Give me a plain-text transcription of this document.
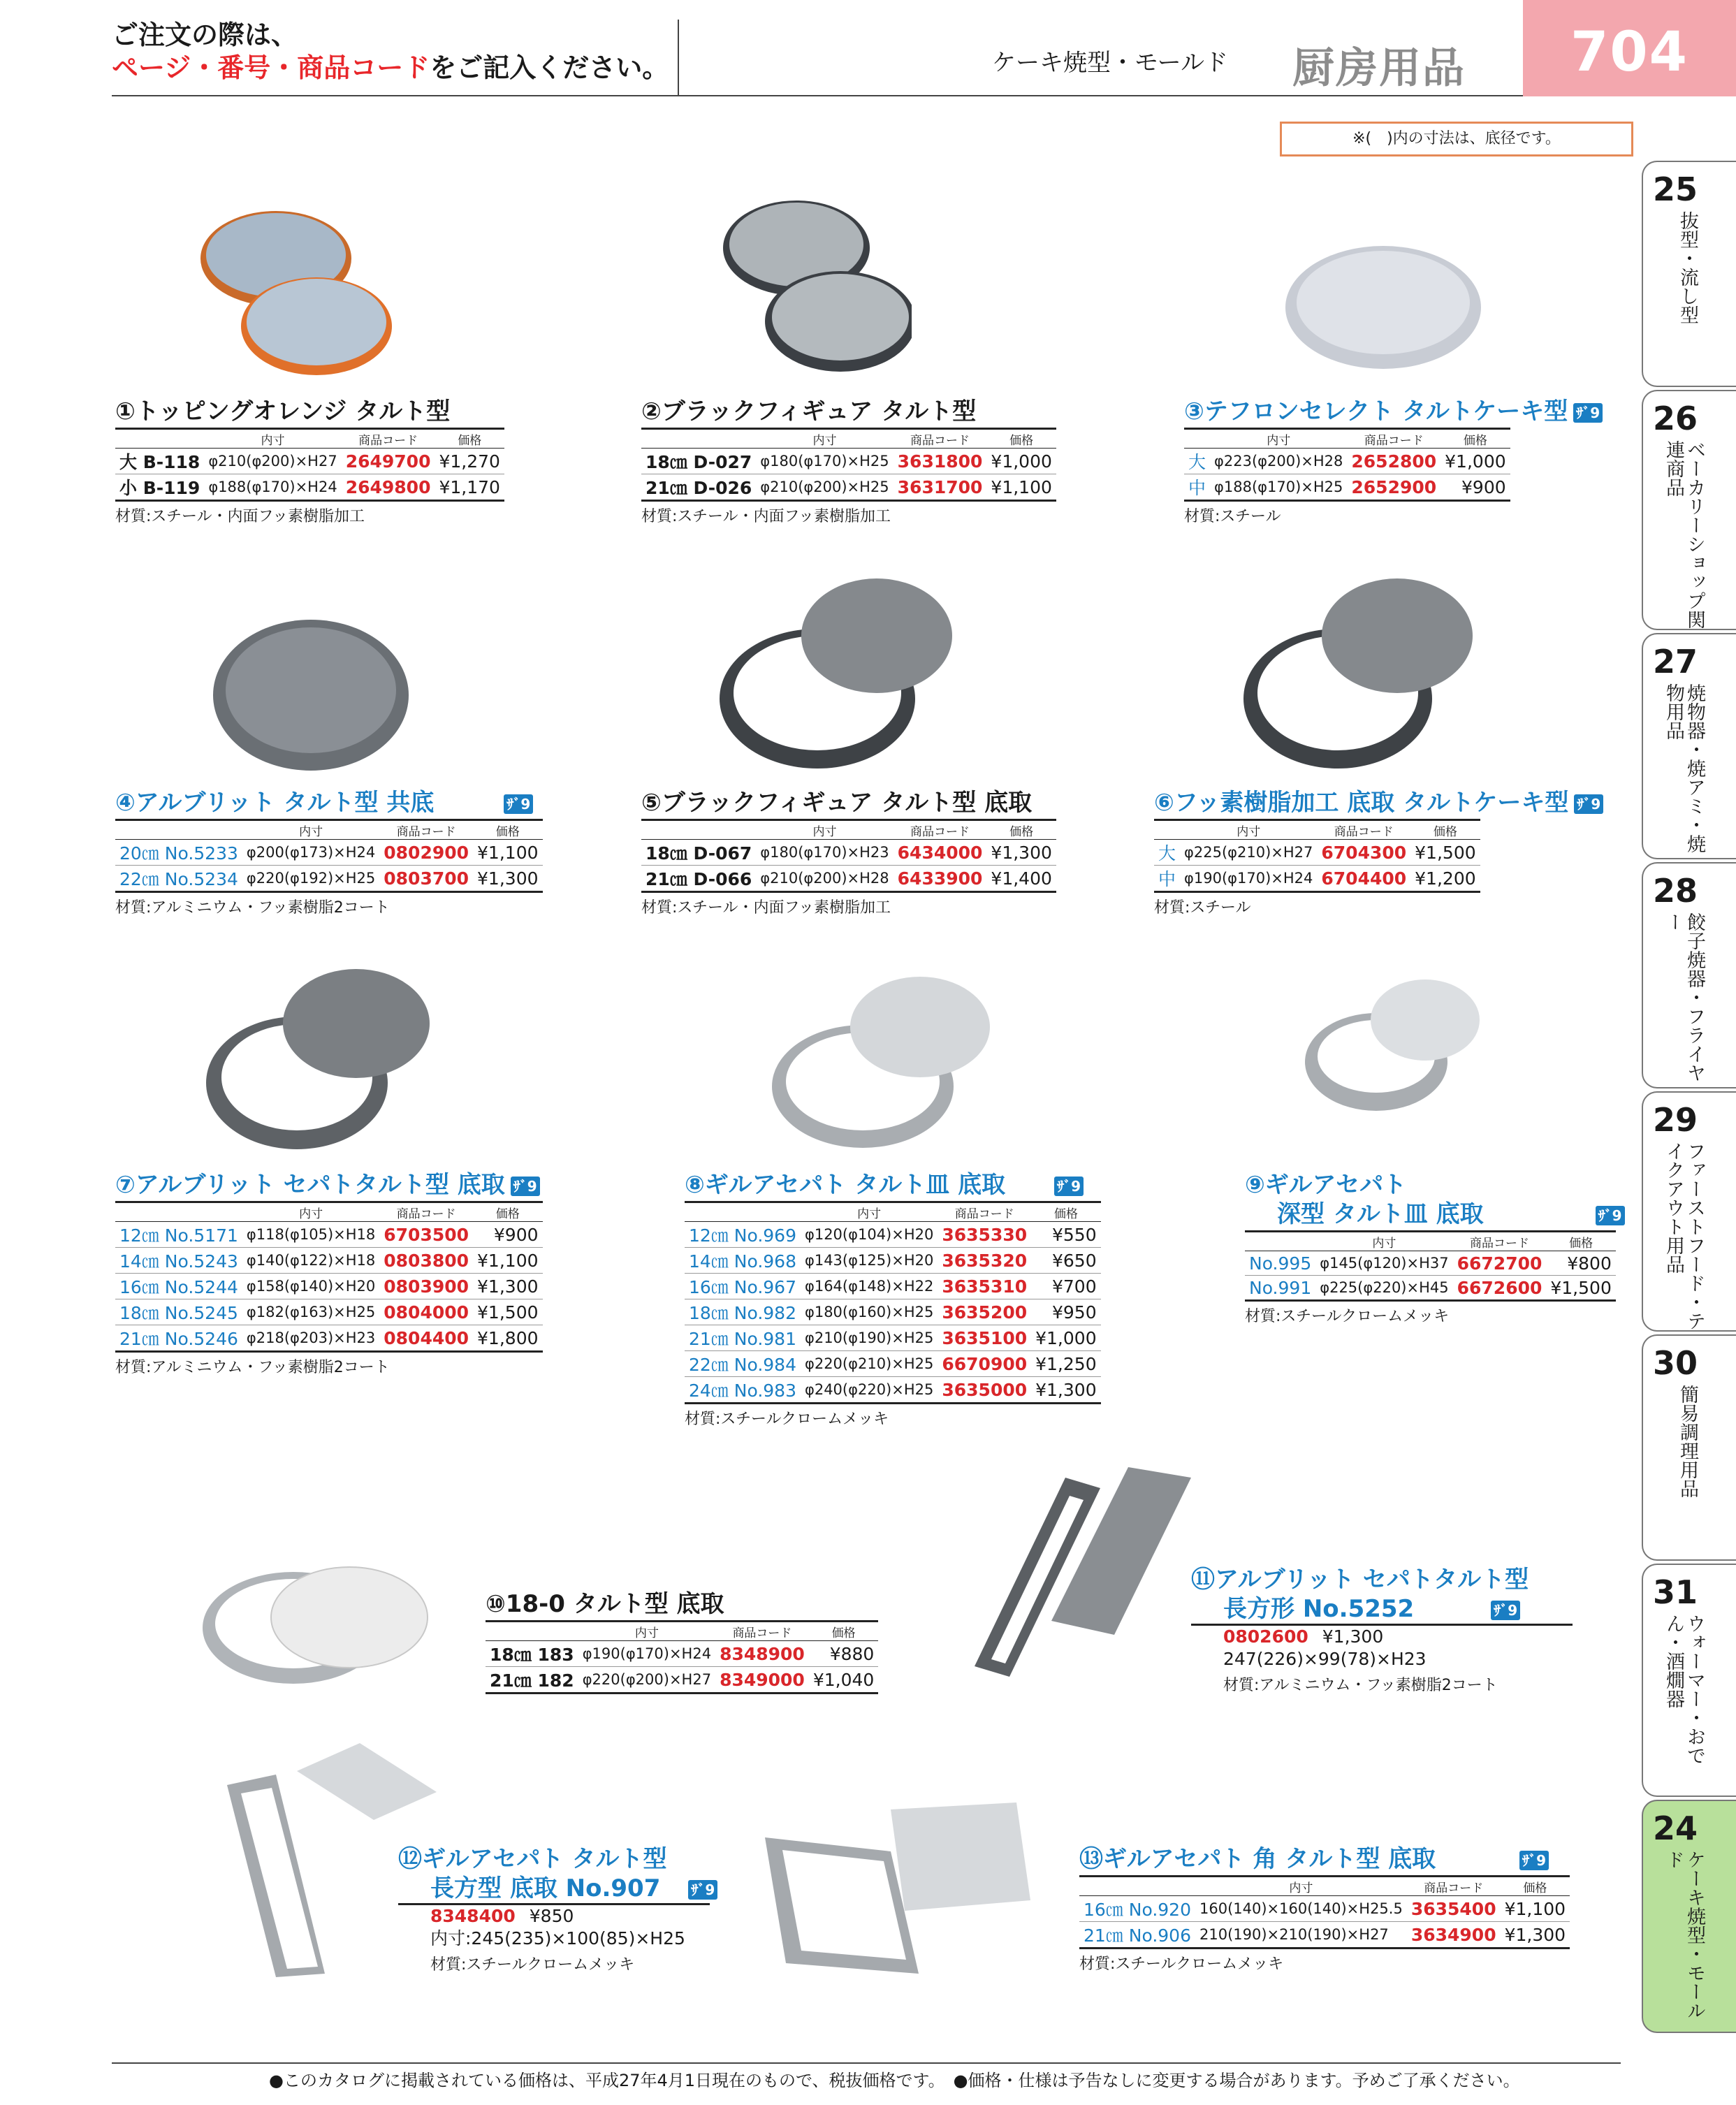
ご注文の際は、
ページ・番号・商品コードをご記入ください。	ケーキ焼型・モールド 厨房用品	704
※(　)内の寸法は、底径です。
①トッピングオレンジ タルト型
	内寸	商品コード	価格
大 B-118	φ210(φ200)×H27	2649700	¥1,270
小 B-119	φ188(φ170)×H24	2649800	¥1,170
材質:スチール・内面フッ素樹脂加工
②ブラックフィギュア タルト型
	内寸	商品コード	価格
18㎝ D-027	φ180(φ170)×H25	3631800	¥1,000
21㎝ D-026	φ210(φ200)×H25	3631700	¥1,100
材質:スチール・内面フッ素樹脂加工
③テフロンセレクト タルトケーキ型 ｻﾞ9
	内寸	商品コード	価格
大	φ223(φ200)×H28	2652800	¥1,000
中	φ188(φ170)×H25	2652900	¥900
材質:スチール
④アルブリット タルト型 共底	ｻﾞ9
	内寸	商品コード	価格
20㎝ No.5233	φ200(φ173)×H24	0802900	¥1,100
22㎝ No.5234	φ220(φ192)×H25	0803700	¥1,300
材質:アルミニウム・フッ素樹脂2コート
⑤ブラックフィギュア タルト型 底取
	内寸	商品コード	価格
18㎝ D-067	φ180(φ170)×H23	6434000	¥1,300
21㎝ D-066	φ210(φ200)×H28	6433900	¥1,400
材質:スチール・内面フッ素樹脂加工
⑥フッ素樹脂加工 底取 タルトケーキ型 ｻﾞ9
	内寸	商品コード	価格
大	φ225(φ210)×H27	6704300	¥1,500
中	φ190(φ170)×H24	6704400	¥1,200
材質:スチール
⑦アルブリット セパトタルト型 底取 ｻﾞ9
	内寸	商品コード	価格
12㎝ No.5171	φ118(φ105)×H18	6703500	¥900
14㎝ No.5243	φ140(φ122)×H18	0803800	¥1,100
16㎝ No.5244	φ158(φ140)×H20	0803900	¥1,300
18㎝ No.5245	φ182(φ163)×H25	0804000	¥1,500
21㎝ No.5246	φ218(φ203)×H23	0804400	¥1,800
材質:アルミニウム・フッ素樹脂2コート
⑧ギルアセパト タルト皿 底取	ｻﾞ9
	内寸	商品コード	価格
12㎝ No.969	φ120(φ104)×H20	3635330	¥550
14㎝ No.968	φ143(φ125)×H20	3635320	¥650
16㎝ No.967	φ164(φ148)×H22	3635310	¥700
18㎝ No.982	φ180(φ160)×H25	3635200	¥950
21㎝ No.981	φ210(φ190)×H25	3635100	¥1,000
22㎝ No.984	φ220(φ210)×H25	6670900	¥1,250
24㎝ No.983	φ240(φ220)×H25	3635000	¥1,300
材質:スチールクロームメッキ
⑨ギルアセパト
深型 タルト皿 底取	ｻﾞ9
	内寸	商品コード	価格
No.995	φ145(φ120)×H37	6672700	¥800
No.991	φ225(φ220)×H45	6672600	¥1,500
材質:スチールクロームメッキ
⑩18-0 タルト型 底取
	内寸	商品コード	価格
18㎝ 183	φ190(φ170)×H24	8348900	¥880
21㎝ 182	φ220(φ200)×H27	8349000	¥1,040
⑪アルブリット セパトタルト型
長方形 No.5252	ｻﾞ9
0802600 ¥1,300
247(226)×99(78)×H23
材質:アルミニウム・フッ素樹脂2コート
⑫ギルアセパト タルト型
長方型 底取 No.907 ｻﾞ9
8348400 ¥850
内寸:245(235)×100(85)×H25
材質:スチールクロームメッキ
⑬ギルアセパト 角 タルト型 底取	ｻﾞ9
	内寸	商品コード	価格
16㎝ No.920	160(140)×160(140)×H25.5	3635400	¥1,100
21㎝ No.906	210(190)×210(190)×H27	3634900	¥1,300
材質:スチールクロームメッキ
25
抜型・流し型
26
ベーカリーショップ関連商品
27
焼物器・焼アミ・焼物用品
28
餃子焼器・フライヤー
29
ファーストフード・テイクアウト用品
30
簡易調理用品
31
ウォーマー・おでん・酒燗器
24
ケーキ焼型・モールド
●このカタログに掲載されている価格は、平成27年4月1日現在のもので、税抜価格です。　●価格・仕様は予告なしに変更する場合があります。予めご了承ください。
